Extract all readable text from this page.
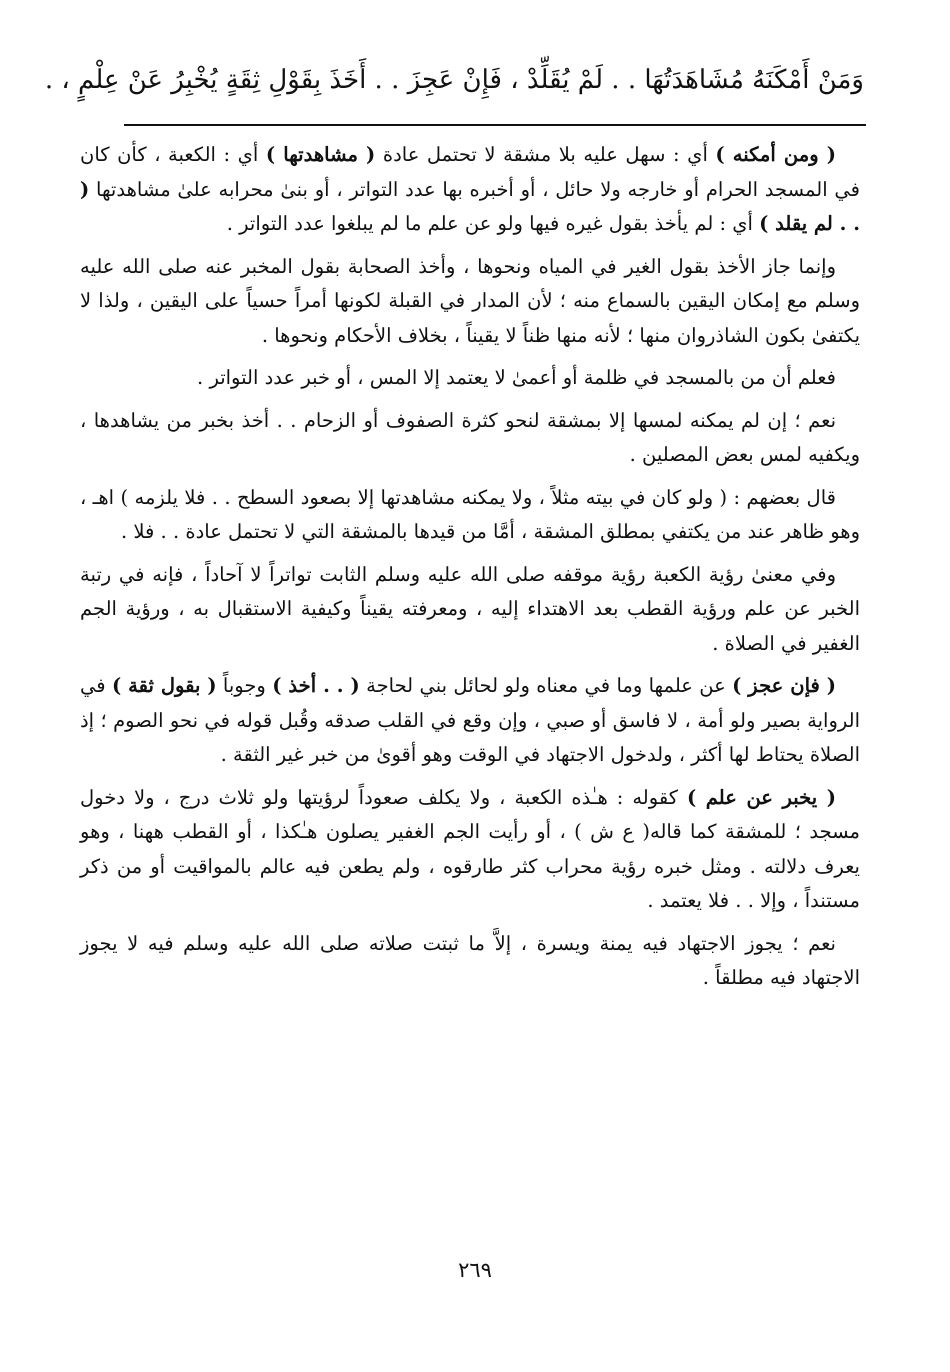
وَمَنْ أَمْكَنَهُ مُشَاهَدَتُهَا . . لَمْ يُقَلِّدْ ، فَإِنْ عَجِزَ . . أَخَذَ بِقَوْلِ ثِقَةٍ يُخْبِرُ عَنْ عِلْمٍ ، .

( ومن أمكنه ) أي : سهل عليه بلا مشقة لا تحتمل عادة ( مشاهدتها ) أي : الكعبة ، كأن كان في المسجد الحرام أو خارجه ولا حائل ، أو أخبره بها عدد التواتر ، أو بنىٰ محرابه علىٰ مشاهدتها ( . . لم يقلد ) أي : لم يأخذ بقول غيره فيها ولو عن علم ما لم يبلغوا عدد التواتر .

وإنما جاز الأخذ بقول الغير في المياه ونحوها ، وأخذ الصحابة بقول المخبر عنه صلى الله عليه وسلم مع إمكان اليقين بالسماع منه ؛ لأن المدار في القبلة لكونها أمراً حسياً على اليقين ، ولذا لا يكتفىٰ بكون الشاذروان منها ؛ لأنه منها ظناً لا يقيناً ، بخلاف الأحكام ونحوها .

فعلم أن من بالمسجد في ظلمة أو أعمىٰ لا يعتمد إلا المس ، أو خبر عدد التواتر .

نعم ؛ إن لم يمكنه لمسها إلا بمشقة لنحو كثرة الصفوف أو الزحام . . أخذ بخبر من يشاهدها ، ويكفيه لمس بعض المصلين .

قال بعضهم : ( ولو كان في بيته مثلاً ، ولا يمكنه مشاهدتها إلا بصعود السطح . . فلا يلزمه ) اهـ ، وهو ظاهر عند من يكتفي بمطلق المشقة ، أمَّا من قيدها بالمشقة التي لا تحتمل عادة . . فلا .

وفي معنىٰ رؤية الكعبة رؤية موقفه صلى الله عليه وسلم الثابت تواتراً لا آحاداً ، فإنه في رتبة الخبر عن علم ورؤية القطب بعد الاهتداء إليه ، ومعرفته يقيناً وكيفية الاستقبال به ، ورؤية الجم الغفير في الصلاة .

( فإن عجز ) عن علمها وما في معناه ولو لحائل بني لحاجة ( . . أخذ ) وجوباً ( بقول ثقة ) في الرواية بصير ولو أمة ، لا فاسق أو صبي ، وإن وقع في القلب صدقه وقُبل قوله في نحو الصوم ؛ إذ الصلاة يحتاط لها أكثر ، ولدخول الاجتهاد في الوقت وهو أقوىٰ من خبر غير الثقة .

( يخبر عن علم ) كقوله : هـٰذه الكعبة ، ولا يكلف صعوداً لرؤيتها ولو ثلاث درج ، ولا دخول مسجد ؛ للمشقة كما قاله( ع ش ) ، أو رأيت الجم الغفير يصلون هـٰكذا ، أو القطب ههنا ، وهو يعرف دلالته . ومثل خبره رؤية محراب كثر طارقوه ، ولم يطعن فيه عالم بالمواقيت أو من ذكر مستنداً ، وإلا . . فلا يعتمد .

نعم ؛ يجوز الاجتهاد فيه يمنة ويسرة ، إلاَّ ما ثبتت صلاته صلى الله عليه وسلم فيه لا يجوز الاجتهاد فيه مطلقاً .

٢٦٩
